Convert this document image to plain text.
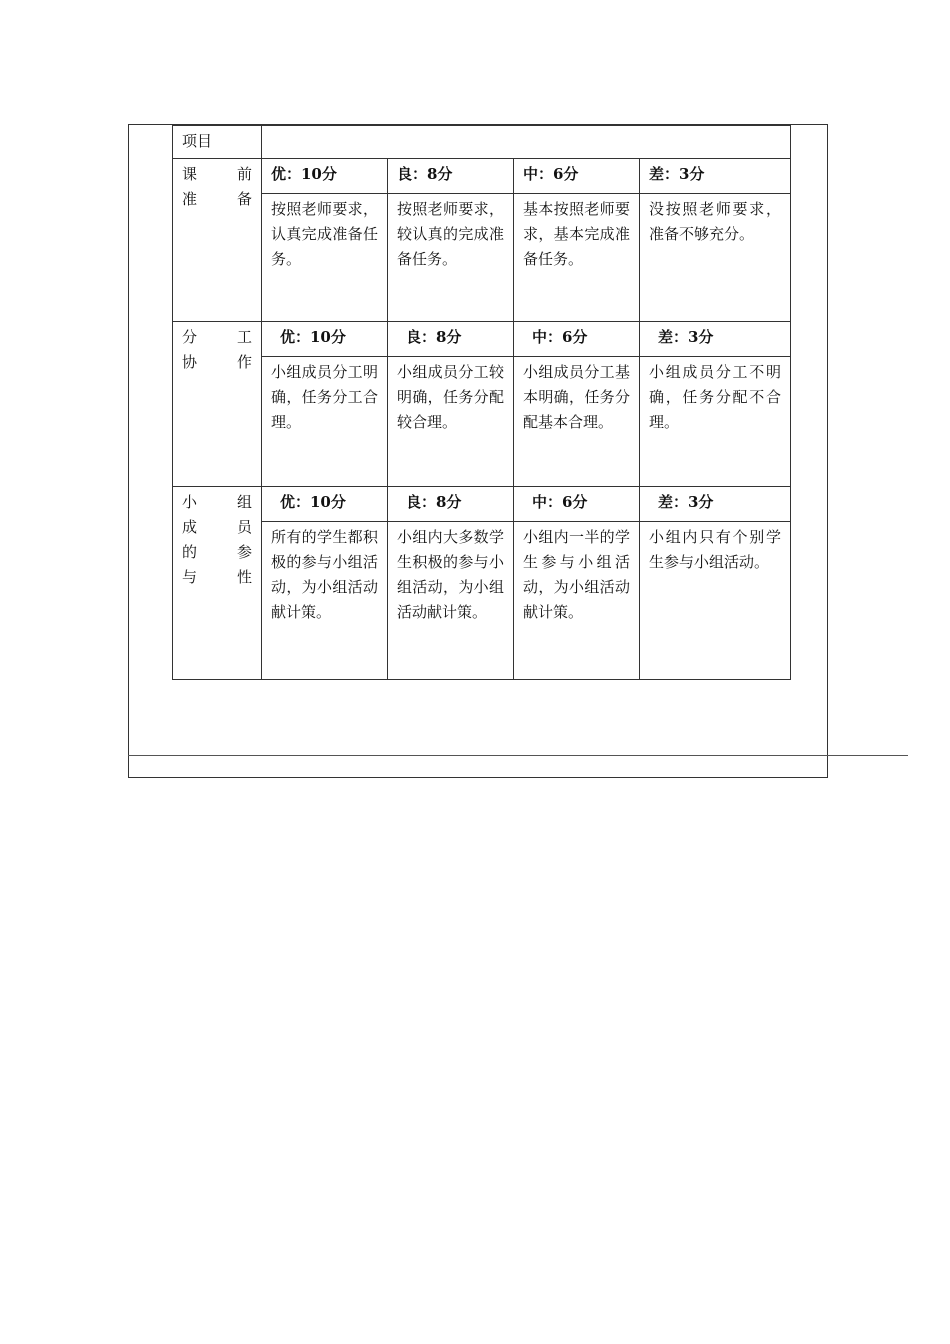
项目				

课　前
准备	优：10分	良：8分	中：6分	差：3分
	按照老师要求，认真完成准备任务。	按照老师要求，较认真的完成准备任务。	基本按照老师要求，基本完成准备任务。	没按照老师要求，准备不够充分。

分　工
协作	优：10分	良：8分	中：6分	差：3分
	小组成员分工明确，任务分工合理。	小组成员分工较明确，任务分配较合理。	小组成员分工基本明确，任务分配基本合理。	小组成员分工不明确，任务分配不合理。

小　组
成　员
的　参
与性	优：10分	良：8分	中：6分	差：3分
	所有的学生都积极的参与小组活动，为小组活动献计策。	小组内大多数学生积极的参与小组活动，为小组活动献计策。	小组内一半的学生参与小组活动，为小组活动献计策。	小组内只有个别学生参与小组活动。
